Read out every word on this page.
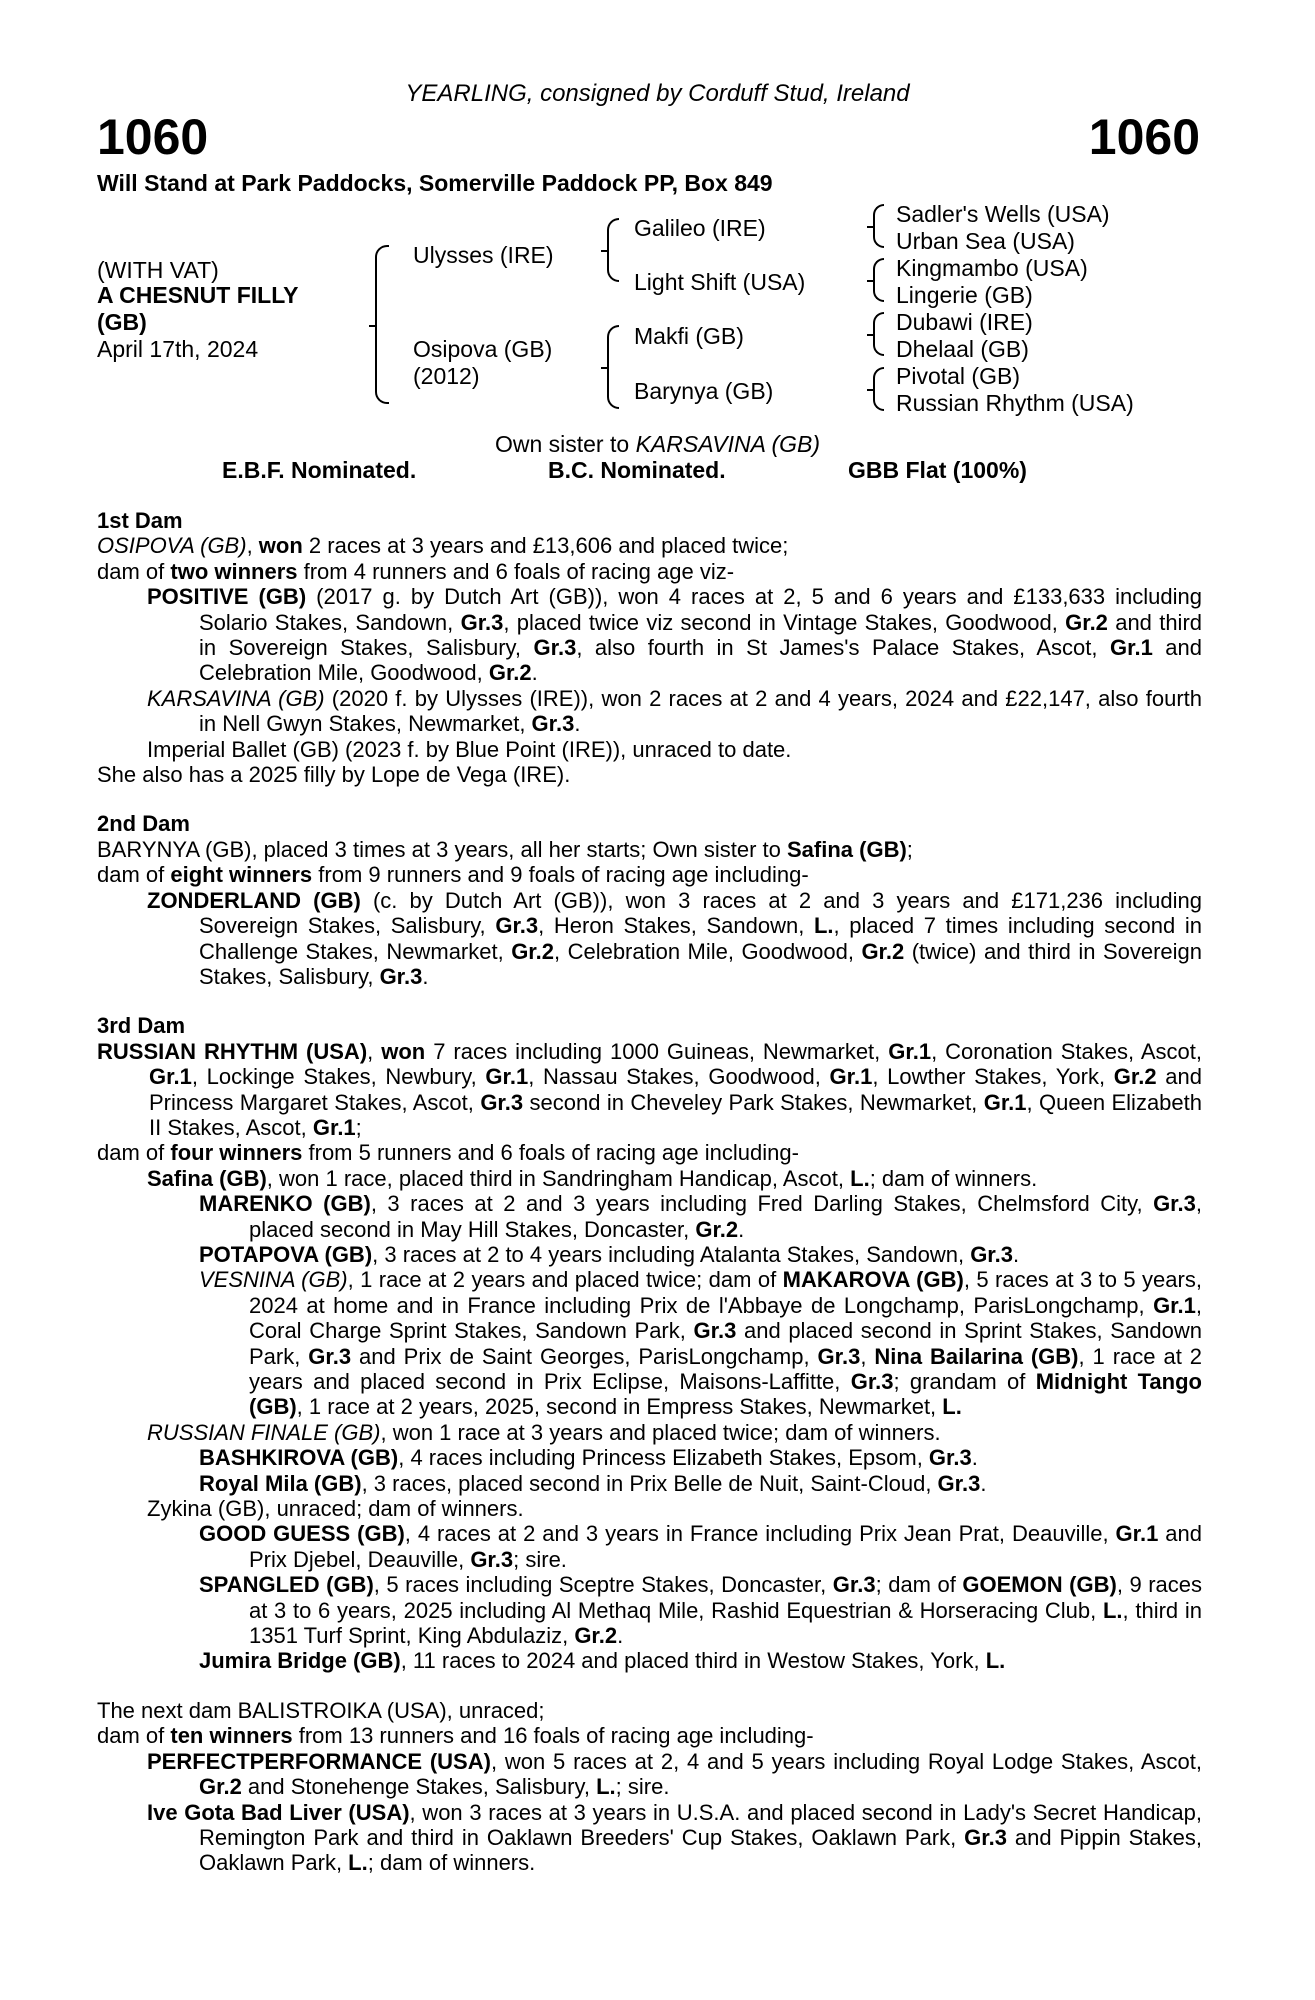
YEARLING, consigned by Corduff Stud, Ireland
1060	1060
Will Stand at Park Paddocks, Somerville Paddock PP, Box 849
(WITH VAT)
A CHESNUT FILLY
(GB)
April 17th, 2024
Ulysses (IRE)
Osipova (GB)
(2012)
Galileo (IRE)
Light Shift (USA)
Makfi (GB)
Barynya (GB)
Sadler's Wells (USA)
Urban Sea (USA)
Kingmambo (USA)
Lingerie (GB)
Dubawi (IRE)
Dhelaal (GB)
Pivotal (GB)
Russian Rhythm (USA)
Own sister to KARSAVINA (GB)
E.B.F. Nominated.	B.C. Nominated.	GBB Flat (100%)

1st Dam

OSIPOVA (GB), won 2 races at 3 years and £13,606 and placed twice;

dam of two winners from 4 runners and 6 foals of racing age viz-

POSITIVE (GB) (2017 g. by Dutch Art (GB)), won 4 races at 2, 5 and 6 years and £133,633 including Solario Stakes, Sandown, Gr.3, placed twice viz second in Vintage Stakes, Goodwood, Gr.2 and third in Sovereign Stakes, Salisbury, Gr.3, also fourth in St James's Palace Stakes, Ascot, Gr.1 and Celebration Mile, Goodwood, Gr.2.

KARSAVINA (GB) (2020 f. by Ulysses (IRE)), won 2 races at 2 and 4 years, 2024 and £22,147, also fourth in Nell Gwyn Stakes, Newmarket, Gr.3.

Imperial Ballet (GB) (2023 f. by Blue Point (IRE)), unraced to date.

She also has a 2025 filly by Lope de Vega (IRE).

2nd Dam

BARYNYA (GB), placed 3 times at 3 years, all her starts; Own sister to Safina (GB);

dam of eight winners from 9 runners and 9 foals of racing age including-

ZONDERLAND (GB) (c. by Dutch Art (GB)), won 3 races at 2 and 3 years and £171,236 including Sovereign Stakes, Salisbury, Gr.3, Heron Stakes, Sandown, L., placed 7 times including second in Challenge Stakes, Newmarket, Gr.2, Celebration Mile, Goodwood, Gr.2 (twice) and third in Sovereign Stakes, Salisbury, Gr.3.

3rd Dam

RUSSIAN RHYTHM (USA), won 7 races including 1000 Guineas, Newmarket, Gr.1, Coronation Stakes, Ascot, Gr.1, Lockinge Stakes, Newbury, Gr.1, Nassau Stakes, Goodwood, Gr.1, Lowther Stakes, York, Gr.2 and Princess Margaret Stakes, Ascot, Gr.3 second in Cheveley Park Stakes, Newmarket, Gr.1, Queen Elizabeth II Stakes, Ascot, Gr.1;

dam of four winners from 5 runners and 6 foals of racing age including-

Safina (GB), won 1 race, placed third in Sandringham Handicap, Ascot, L.; dam of winners.

MARENKO (GB), 3 races at 2 and 3 years including Fred Darling Stakes, Chelmsford City, Gr.3, placed second in May Hill Stakes, Doncaster, Gr.2.

POTAPOVA (GB), 3 races at 2 to 4 years including Atalanta Stakes, Sandown, Gr.3.

VESNINA (GB), 1 race at 2 years and placed twice; dam of MAKAROVA (GB), 5 races at 3 to 5 years, 2024 at home and in France including Prix de l'Abbaye de Longchamp, ParisLongchamp, Gr.1, Coral Charge Sprint Stakes, Sandown Park, Gr.3 and placed second in Sprint Stakes, Sandown Park, Gr.3 and Prix de Saint Georges, ParisLongchamp, Gr.3, Nina Bailarina (GB), 1 race at 2 years and placed second in Prix Eclipse, Maisons-Laffitte, Gr.3; grandam of Midnight Tango (GB), 1 race at 2 years, 2025, second in Empress Stakes, Newmarket, L.

RUSSIAN FINALE (GB), won 1 race at 3 years and placed twice; dam of winners.

BASHKIROVA (GB), 4 races including Princess Elizabeth Stakes, Epsom, Gr.3.

Royal Mila (GB), 3 races, placed second in Prix Belle de Nuit, Saint-Cloud, Gr.3.

Zykina (GB), unraced; dam of winners.

GOOD GUESS (GB), 4 races at 2 and 3 years in France including Prix Jean Prat, Deauville, Gr.1 and Prix Djebel, Deauville, Gr.3; sire.

SPANGLED (GB), 5 races including Sceptre Stakes, Doncaster, Gr.3; dam of GOEMON (GB), 9 races at 3 to 6 years, 2025 including Al Methaq Mile, Rashid Equestrian & Horseracing Club, L., third in 1351 Turf Sprint, King Abdulaziz, Gr.2.

Jumira Bridge (GB), 11 races to 2024 and placed third in Westow Stakes, York, L.

The next dam BALISTROIKA (USA), unraced;

dam of ten winners from 13 runners and 16 foals of racing age including-

PERFECTPERFORMANCE (USA), won 5 races at 2, 4 and 5 years including Royal Lodge Stakes, Ascot, Gr.2 and Stonehenge Stakes, Salisbury, L.; sire.

Ive Gota Bad Liver (USA), won 3 races at 3 years in U.S.A. and placed second in Lady's Secret Handicap, Remington Park and third in Oaklawn Breeders' Cup Stakes, Oaklawn Park, Gr.3 and Pippin Stakes, Oaklawn Park, L.; dam of winners.
